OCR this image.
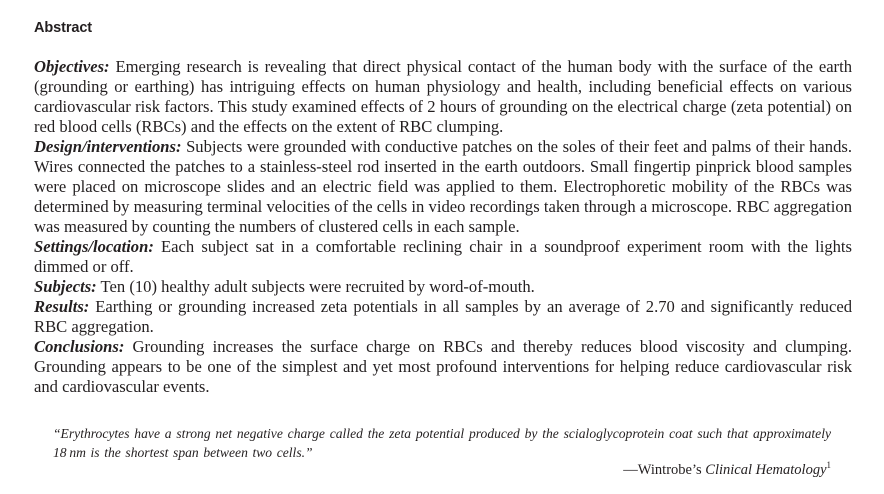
Abstract

Objectives: Emerging research is revealing that direct physical contact of the human body with the surface of the earth (grounding or earthing) has intriguing effects on human physiology and health, including beneficial effects on various cardiovascular risk factors. This study examined effects of 2 hours of grounding on the electrical charge (zeta potential) on red blood cells (RBCs) and the effects on the extent of RBC clumping.

Design/interventions: Subjects were grounded with conductive patches on the soles of their feet and palms of their hands. Wires connected the patches to a stainless-steel rod inserted in the earth outdoors. Small fingertip pinprick blood samples were placed on microscope slides and an electric field was applied to them. Electrophoretic mobility of the RBCs was determined by measuring terminal velocities of the cells in video recordings taken through a microscope. RBC aggregation was measured by counting the numbers of clustered cells in each sample.

Settings/location: Each subject sat in a comfortable reclining chair in a soundproof experiment room with the lights dimmed or off.

Subjects: Ten (10) healthy adult subjects were recruited by word-of-mouth.

Results: Earthing or grounding increased zeta potentials in all samples by an average of 2.70 and significantly reduced RBC aggregation.

Conclusions: Grounding increases the surface charge on RBCs and thereby reduces blood viscosity and clumping. Grounding appears to be one of the simplest and yet most profound interventions for helping reduce cardiovascular risk and cardiovascular events.

“Erythrocytes have a strong net negative charge called the zeta potential produced by the scialoglycoprotein coat such that approximately 18 nm is the shortest span between two cells.”
—Wintrobe’s Clinical Hematology$^1$
